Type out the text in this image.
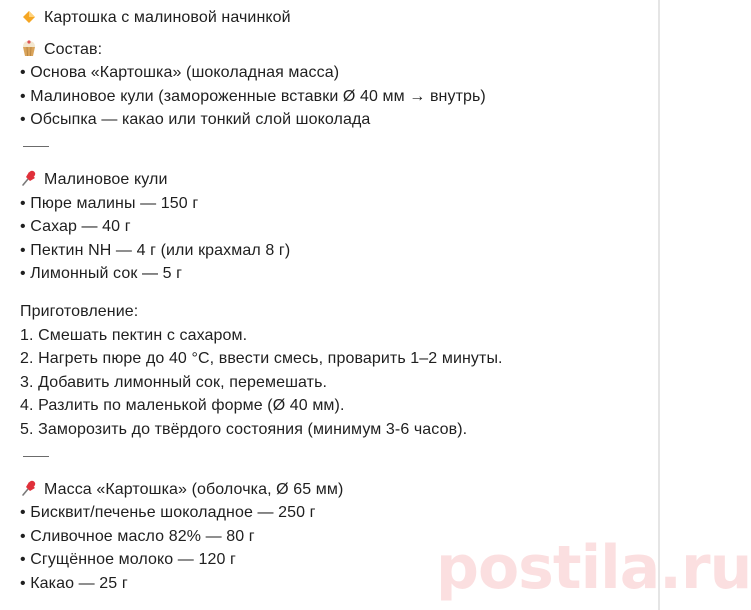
Картошка с малиновой начинкой
Состав:
• Основа «Картошка» (шоколадная масса)
• Малиновое кули (замороженные вставки Ø 40 мм → внутрь)
• Обсыпка — какао или тонкий слой шоколада
Малиновое кули
• Пюре малины — 150 г
• Сахар — 40 г
• Пектин NH — 4 г (или крахмал 8 г)
• Лимонный сок — 5 г
Приготовление:
1. Смешать пектин с сахаром.
2. Нагреть пюре до 40 °C, ввести смесь, проварить 1–2 минуты.
3. Добавить лимонный сок, перемешать.
4. Разлить по маленькой форме (Ø 40 мм).
5. Заморозить до твёрдого состояния (минимум 3-6 часов).
Масса «Картошка» (оболочка, Ø 65 мм)
• Бисквит/печенье шоколадное — 250 г
• Сливочное масло 82% — 80 г
• Сгущённое молоко — 120 г
• Какао — 25 г	postila.ru
